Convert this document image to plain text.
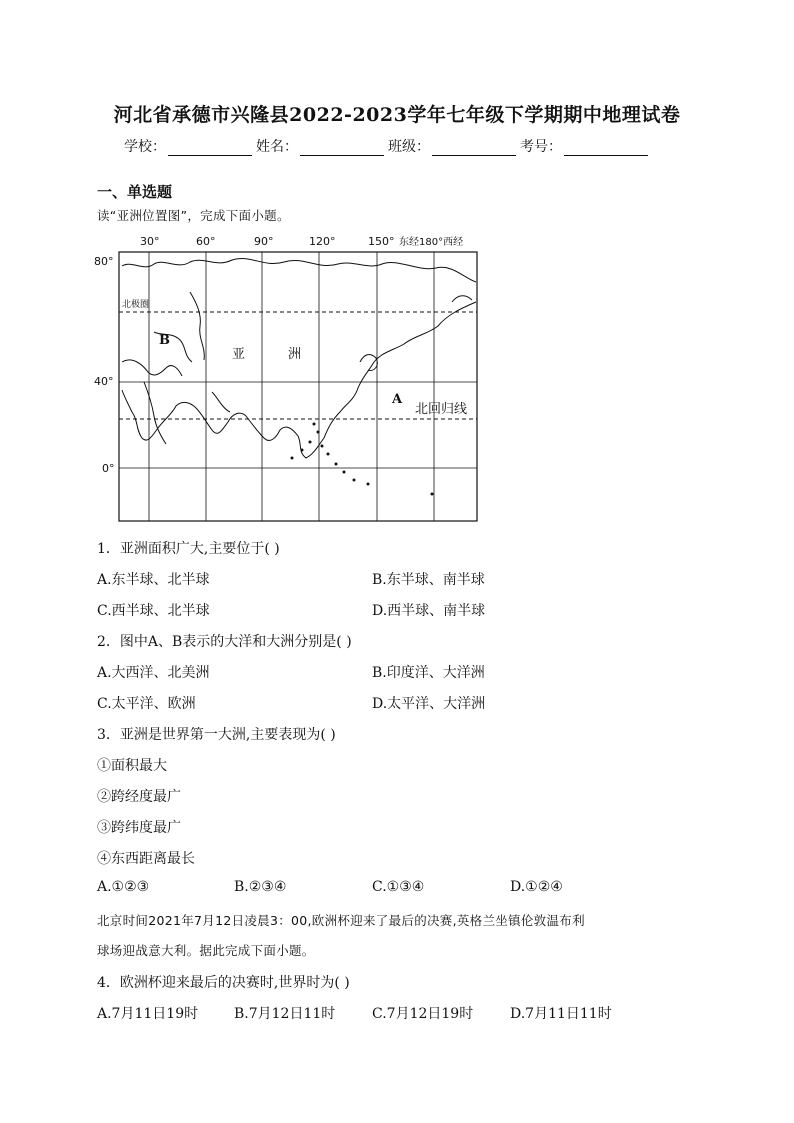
河北省承德市兴隆县2022-2023学年七年级下学期期中地理试卷
学校：	姓名：	班级：	考号：
一、单选题
读“亚洲位置图”，完成下面小题。
30°	60°	90°	120°	150° 东经180°西经
80°
40°
0°
北极圈
B
亚	洲
A
北回归线
1．亚洲面积广大,主要位于( )
A.东半球、北半球	B.东半球、南半球
C.西半球、北半球	D.西半球、南半球
2．图中A、B表示的大洋和大洲分别是( )
A.大西洋、北美洲	B.印度洋、大洋洲
C.太平洋、欧洲	D.太平洋、大洋洲
3．亚洲是世界第一大洲,主要表现为( )
①面积最大
②跨经度最广
③跨纬度最广
④东西距离最长
A.①②③	B.②③④	C.①③④	D.①②④
北京时间2021年7月12日凌晨3：00,欧洲杯迎来了最后的决赛,英格兰坐镇伦敦温布利
球场迎战意大利。据此完成下面小题。
4．欧洲杯迎来最后的决赛时,世界时为( )
A.7月11日19时	B.7月12日11时	C.7月12日19时	D.7月11日11时
